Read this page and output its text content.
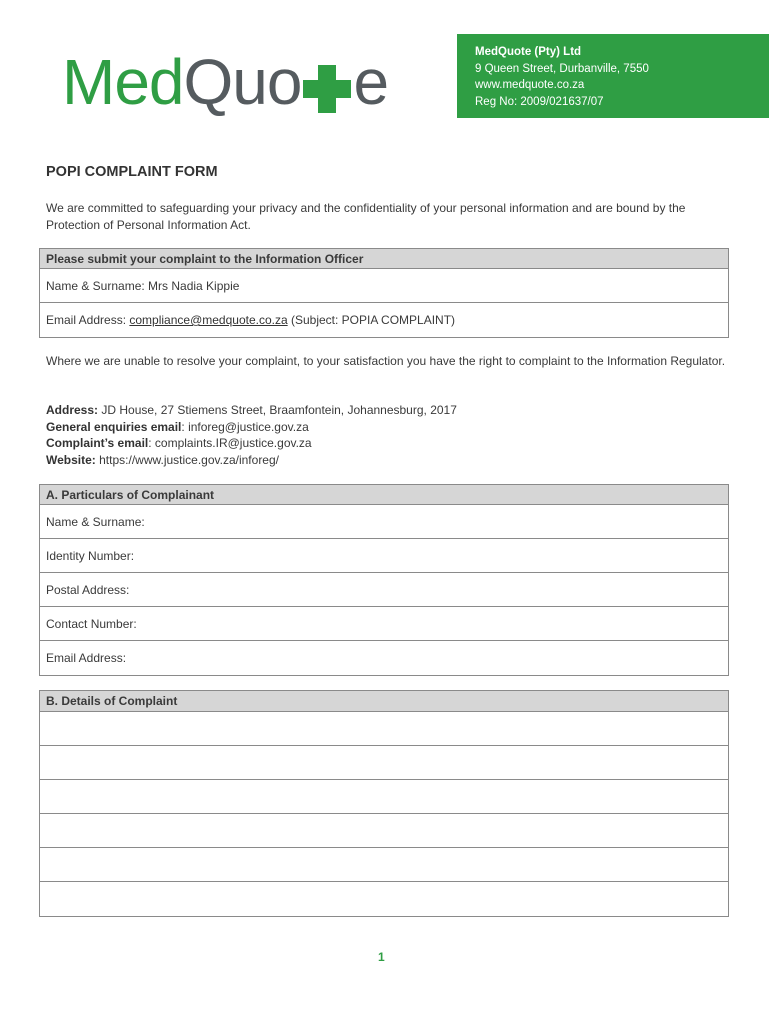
Med Quo e	MedQuote (Pty) Ltd
9 Queen Street, Durbanville, 7550
www.medquote.co.za
Reg No: 2009/021637/07
POPI COMPLAINT FORM
We are committed to safeguarding your privacy and the confidentiality of your personal information and are bound by the Protection of Personal Information Act.
Please submit your complaint to the Information Officer
Name & Surname: Mrs Nadia Kippie
Email Address: compliance@medquote.co.za (Subject: POPIA COMPLAINT)
Where we are unable to resolve your complaint, to your satisfaction you have the right to complaint to the Information Regulator.
Address: JD House, 27 Stiemens Street, Braamfontein, Johannesburg, 2017
General enquiries email: inforeg@justice.gov.za
Complaint’s email: complaints.IR@justice.gov.za
Website: https://www.justice.gov.za/inforeg/
A. Particulars of Complainant
Name & Surname:
Identity Number:
Postal Address:
Contact Number:
Email Address:
B. Details of Complaint
1
